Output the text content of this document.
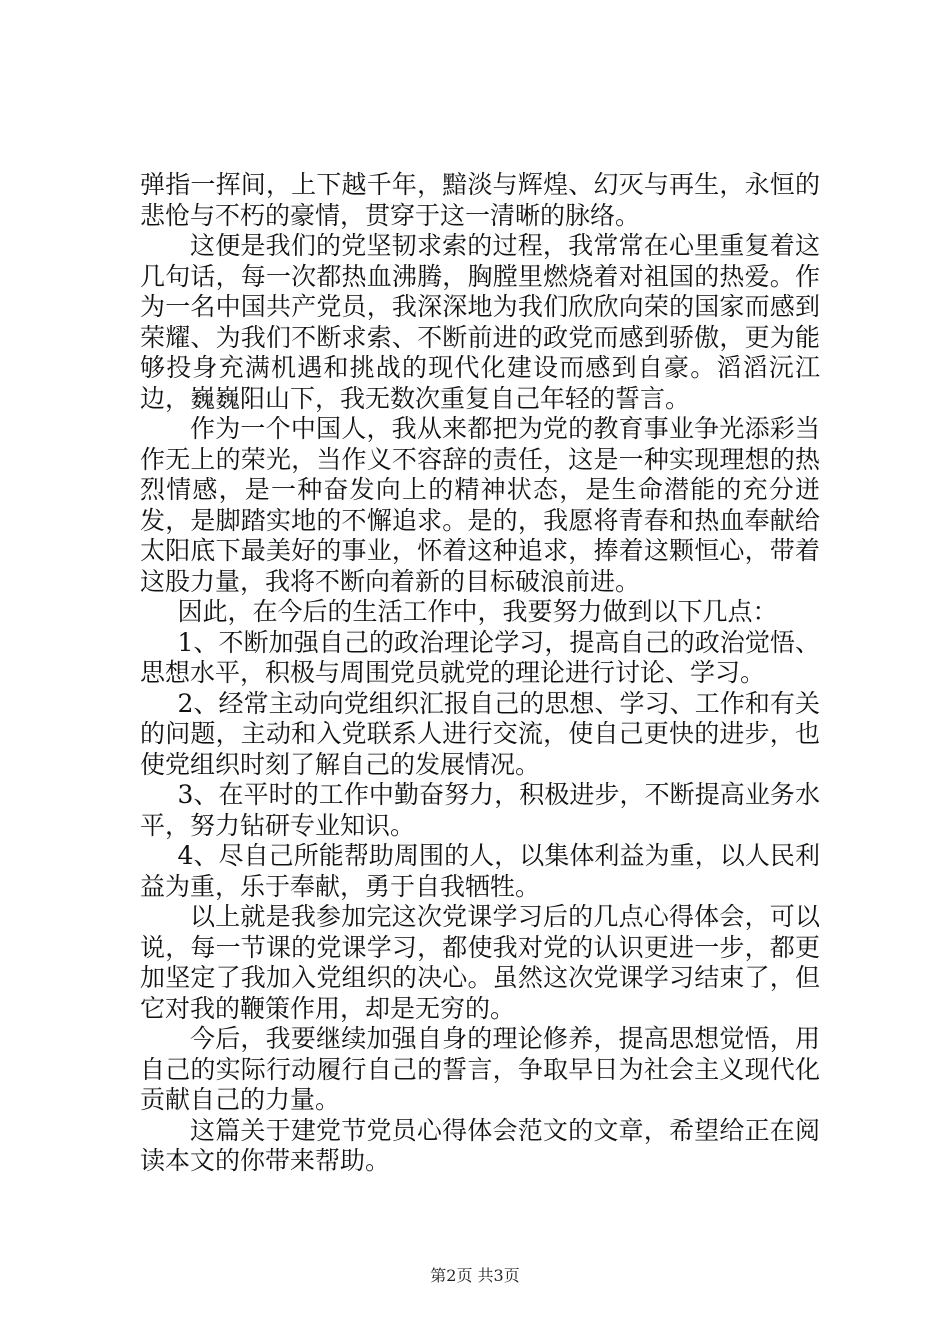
弹指一挥间，上下越千年，黯淡与辉煌、幻灭与再生，永恒的悲怆与不朽的豪情，贯穿于这一清晰的脉络。

这便是我们的党坚韧求索的过程，我常常在心里重复着这几句话，每一次都热血沸腾，胸膛里燃烧着对祖国的热爱。作为一名中国共产党员，我深深地为我们欣欣向荣的国家而感到荣耀、为我们不断求索、不断前进的政党而感到骄傲，更为能够投身充满机遇和挑战的现代化建设而感到自豪。滔滔沅江边，巍巍阳山下，我无数次重复自己年轻的誓言。

作为一个中国人，我从来都把为党的教育事业争光添彩当作无上的荣光，当作义不容辞的责任，这是一种实现理想的热烈情感，是一种奋发向上的精神状态，是生命潜能的充分迸发，是脚踏实地的不懈追求。是的，我愿将青春和热血奉献给太阳底下最美好的事业，怀着这种追求，捧着这颗恒心，带着这股力量，我将不断向着新的目标破浪前进。

因此，在今后的生活工作中，我要努力做到以下几点：

1、不断加强自己的政治理论学习，提高自己的政治觉悟、思想水平，积极与周围党员就党的理论进行讨论、学习。

2、经常主动向党组织汇报自己的思想、学习、工作和有关的问题，主动和入党联系人进行交流，使自己更快的进步，也使党组织时刻了解自己的发展情况。

3、在平时的工作中勤奋努力，积极进步，不断提高业务水平，努力钻研专业知识。

4、尽自己所能帮助周围的人，以集体利益为重，以人民利益为重，乐于奉献，勇于自我牺牲。

以上就是我参加完这次党课学习后的几点心得体会，可以说，每一节课的党课学习，都使我对党的认识更进一步，都更加坚定了我加入党组织的决心。虽然这次党课学习结束了，但它对我的鞭策作用，却是无穷的。

今后，我要继续加强自身的理论修养，提高思想觉悟，用自己的实际行动履行自己的誓言，争取早日为社会主义现代化贡献自己的力量。

这篇关于建党节党员心得体会范文的文章，希望给正在阅读本文的你带来帮助。

第2页 共3页
